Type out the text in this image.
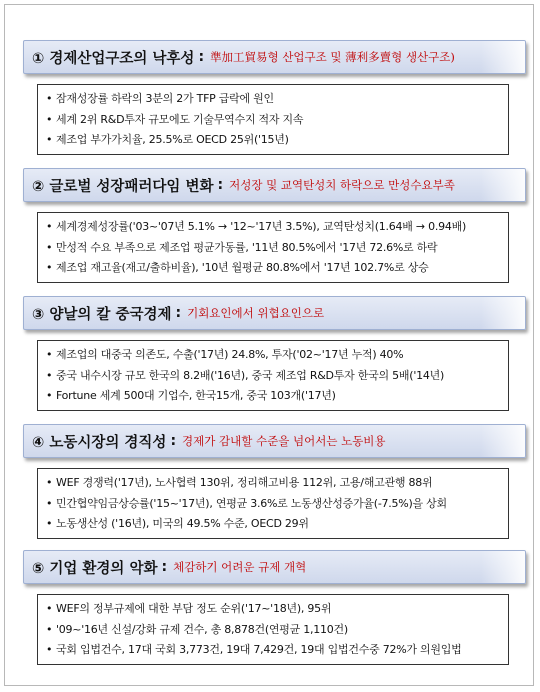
① 경제산업구조의 낙후성 : 準加工貿易형 산업구조 및 薄利多賣형 생산구조)
• 잠재성장률 하락의 3분의 2가 TFP 급락에 원인
• 세계 2위 R&D투자 규모에도 기술무역수지 적자 지속
• 제조업 부가가치율, 25.5%로 OECD 25위('15년)
② 글로벌 성장패러다임 변화 : 저성장 및 교역탄성치 하락으로 만성수요부족
• 세계경제성장률('03~'07년 5.1% → '12~'17년 3.5%), 교역탄성치(1.64배 → 0.94배)
• 만성적 수요 부족으로 제조업 평균가동률, '11년 80.5%에서 '17년 72.6%로 하락
• 제조업 재고율(재고/출하비율), '10년 월평균 80.8%에서 '17년 102.7%로 상승
③ 양날의 칼 중국경제 : 기회요인에서 위협요인으로
• 제조업의 대중국 의존도, 수출('17년) 24.8%, 투자('02~'17년 누적) 40%
• 중국 내수시장 규모 한국의 8.2배('16년), 중국 제조업 R&D투자 한국의 5배('14년)
• Fortune 세계 500대 기업수, 한국15개, 중국 103개('17년)
④ 노동시장의 경직성 : 경제가 감내할 수준을 넘어서는 노동비용
• WEF 경쟁력('17년), 노사협력 130위, 정리해고비용 112위, 고용/해고관행 88위
• 민간협약임금상승률('15~'17년), 연평균 3.6%로 노동생산성증가율(-7.5%)을 상회
• 노동생산성 ('16년), 미국의 49.5% 수준, OECD 29위
⑤ 기업 환경의 악화 : 체감하기 어려운 규제 개혁
• WEF의 정부규제에 대한 부담 정도 순위('17~'18년), 95위
• '09~'16년 신설/강화 규제 건수, 총 8,878건(연평균 1,110건)
• 국회 입법건수, 17대 국회 3,773건, 19대 7,429건, 19대 입법건수중 72%가 의원입법
